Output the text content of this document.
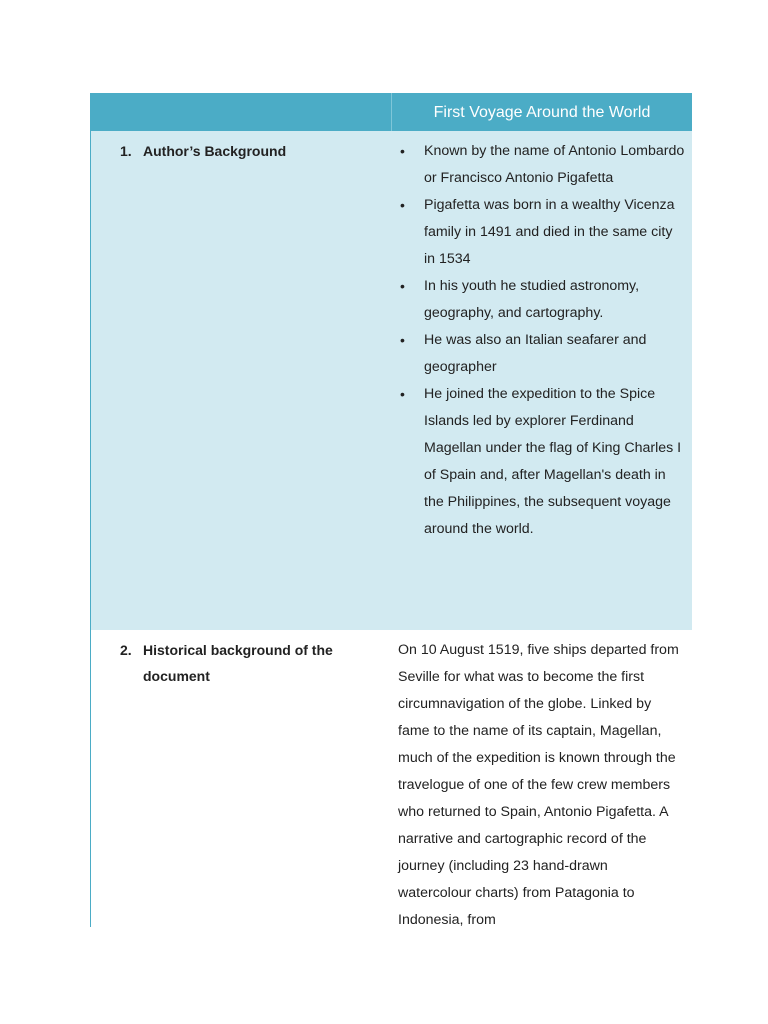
First Voyage Around the World
1. Author’s Background	• Known by the name of Antonio Lombardo or Francisco Antonio Pigafetta
• Pigafetta was born in a wealthy Vicenza family in 1491 and died in the same city in 1534
• In his youth he studied astronomy, geography, and cartography.
• He was also an Italian seafarer and geographer
• He joined the expedition to the Spice Islands led by explorer Ferdinand Magellan under the flag of King Charles I of Spain and, after Magellan's death in the Philippines, the subsequent voyage around the world.
2. Historical background of the document

On 10 August 1519, five ships departed from Seville for what was to become the first circumnavigation of the globe. Linked by fame to the name of its captain, Magellan, much of the expedition is known through the travelogue of one of the few crew members who returned to Spain, Antonio Pigafetta. A narrative and cartographic record of the journey (including 23 hand-drawn watercolour charts) from Patagonia to Indonesia, from
